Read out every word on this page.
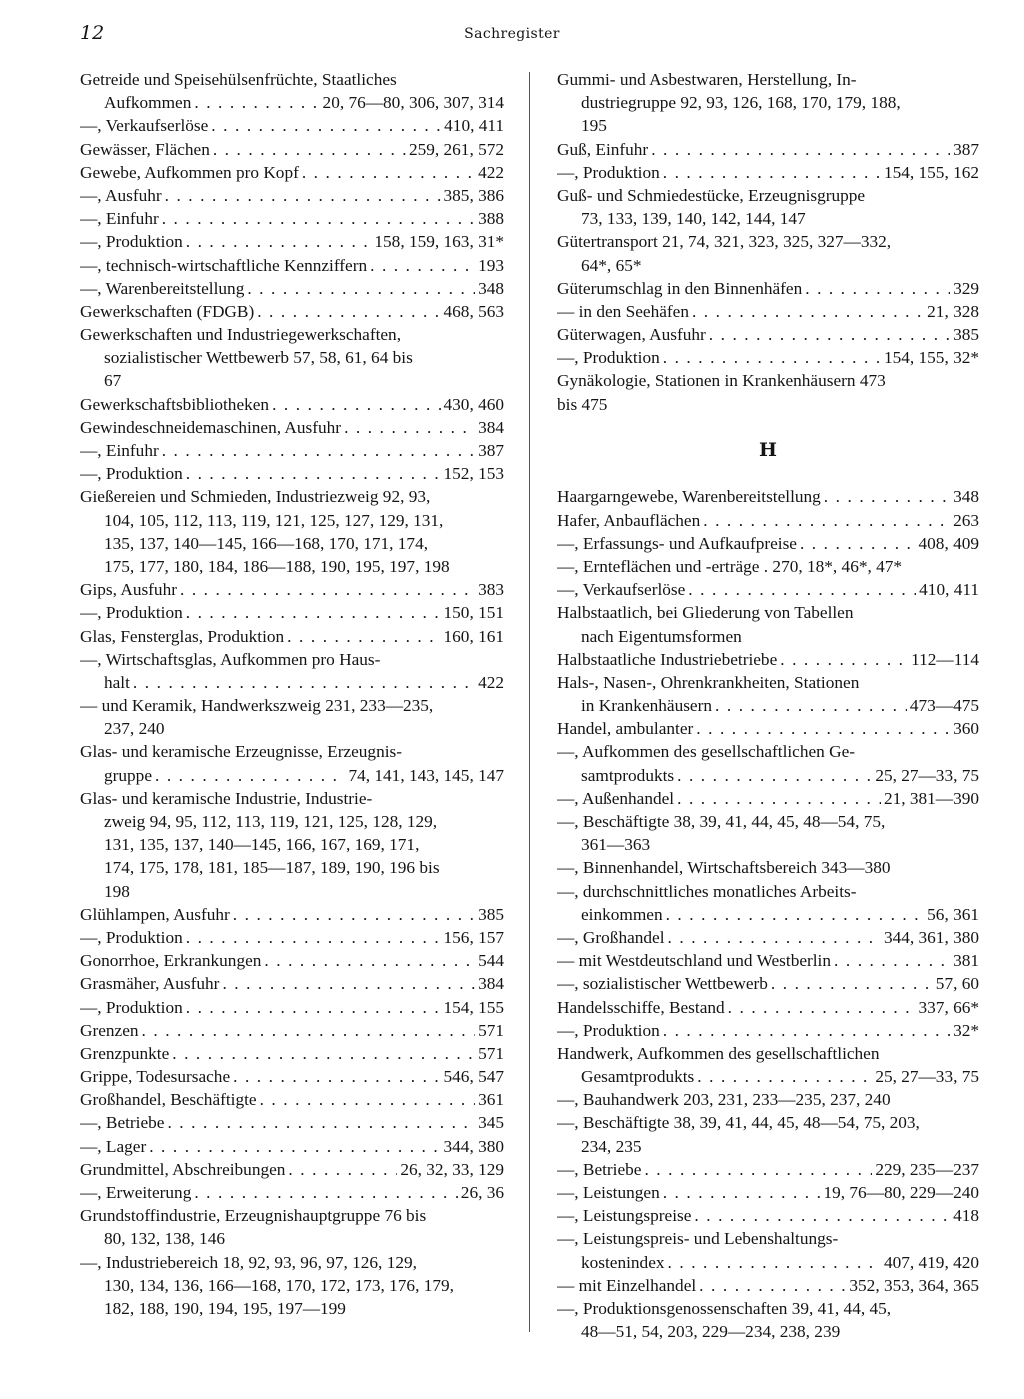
12	Sachregister
Getreide und Speisehülsenfrüchte, Staatliches
Aufkommen . . .	20, 76—80, 306, 307, 314
—, Verkaufserlöse . . .	410, 411
Gewässer, Flächen . . .	259, 261, 572
Gewebe, Aufkommen pro Kopf . . .	422
—, Ausfuhr . . .	385, 386
—, Einfuhr . . .	388
—, Produktion . . .	158, 159, 163, 31*
—, technisch-wirtschaftliche Kennziffern . . .	193
—, Warenbereitstellung . . .	348
Gewerkschaften (FDGB) . . .	468, 563
Gewerkschaften und Industriegewerkschaften,
sozialistischer Wettbewerb 57, 58, 61, 64 bis
67
Gewerkschaftsbibliotheken . . .	430, 460
Gewindeschneidemaschinen, Ausfuhr . . .	384
—, Einfuhr . . .	387
—, Produktion . . .	152, 153
Gießereien und Schmieden, Industriezweig 92, 93,
104, 105, 112, 113, 119, 121, 125, 127, 129, 131,
135, 137, 140—145, 166—168, 170, 171, 174,
175, 177, 180, 184, 186—188, 190, 195, 197, 198
Gips, Ausfuhr . . .	383
—, Produktion . . .	150, 151
Glas, Fensterglas, Produktion . . .	160, 161
—, Wirtschaftsglas, Aufkommen pro Haus-
halt . . .	422
— und Keramik, Handwerkszweig 231, 233—235,
237, 240
Glas- und keramische Erzeugnisse, Erzeugnis-
gruppe . . .	74, 141, 143, 145, 147
Glas- und keramische Industrie, Industrie-
zweig 94, 95, 112, 113, 119, 121, 125, 128, 129,
131, 135, 137, 140—145, 166, 167, 169, 171,
174, 175, 178, 181, 185—187, 189, 190, 196 bis
198
Glühlampen, Ausfuhr . . .	385
—, Produktion . . .	156, 157
Gonorrhoe, Erkrankungen . . .	544
Grasmäher, Ausfuhr . . .	384
—, Produktion . . .	154, 155
Grenzen . . .	571
Grenzpunkte . . .	571
Grippe, Todesursache . . .	546, 547
Großhandel, Beschäftigte . . .	361
—, Betriebe . . .	345
—, Lager . . .	344, 380
Grundmittel, Abschreibungen . . .	26, 32, 33, 129
—, Erweiterung . . .	26, 36
Grundstoffindustrie, Erzeugnishauptgruppe 76 bis
80, 132, 138, 146
—, Industriebereich 18, 92, 93, 96, 97, 126, 129,
130, 134, 136, 166—168, 170, 172, 173, 176, 179,
182, 188, 190, 194, 195, 197—199
Gummi- und Asbestwaren, Herstellung, In-
dustriegruppe 92, 93, 126, 168, 170, 179, 188,
195
Guß, Einfuhr . . .	387
—, Produktion . . .	154, 155, 162
Guß- und Schmiedestücke, Erzeugnisgruppe
73, 133, 139, 140, 142, 144, 147
Gütertransport 21, 74, 321, 323, 325, 327—332,
64*, 65*
Güterumschlag in den Binnenhäfen . . .	329
— in den Seehäfen . . .	21, 328
Güterwagen, Ausfuhr . . .	385
—, Produktion . . .	154, 155, 32*
Gynäkologie, Stationen in Krankenhäusern 473
bis 475
H
Haargarngewebe, Warenbereitstellung . . .	348
Hafer, Anbauflächen . . .	263
—, Erfassungs- und Aufkaufpreise . . .	408, 409
—, Ernteflächen und -erträge . 270, 18*, 46*, 47*
—, Verkaufserlöse . . .	410, 411
Halbstaatlich, bei Gliederung von Tabellen
nach Eigentumsformen
Halbstaatliche Industriebetriebe . . .	112—114
Hals-, Nasen-, Ohrenkrankheiten, Stationen
in Krankenhäusern . . .	473—475
Handel, ambulanter . . .	360
—, Aufkommen des gesellschaftlichen Ge-
samtprodukts . . .	25, 27—33, 75
—, Außenhandel . . .	21, 381—390
—, Beschäftigte 38, 39, 41, 44, 45, 48—54, 75,
361—363
—, Binnenhandel, Wirtschaftsbereich 343—380
—, durchschnittliches monatliches Arbeits-
einkommen . . .	56, 361
—, Großhandel . . .	344, 361, 380
— mit Westdeutschland und Westberlin . . .	381
—, sozialistischer Wettbewerb . . .	57, 60
Handelsschiffe, Bestand . . .	337, 66*
—, Produktion . . .	32*
Handwerk, Aufkommen des gesellschaftlichen
Gesamtprodukts . . .	25, 27—33, 75
—, Bauhandwerk 203, 231, 233—235, 237, 240
—, Beschäftigte 38, 39, 41, 44, 45, 48—54, 75, 203,
234, 235
—, Betriebe . . .	229, 235—237
—, Leistungen . . .	19, 76—80, 229—240
—, Leistungspreise . . .	418
—, Leistungspreis- und Lebenshaltungs-
kostenindex . . .	407, 419, 420
— mit Einzelhandel . . .	352, 353, 364, 365
—, Produktionsgenossenschaften 39, 41, 44, 45,
48—51, 54, 203, 229—234, 238, 239
